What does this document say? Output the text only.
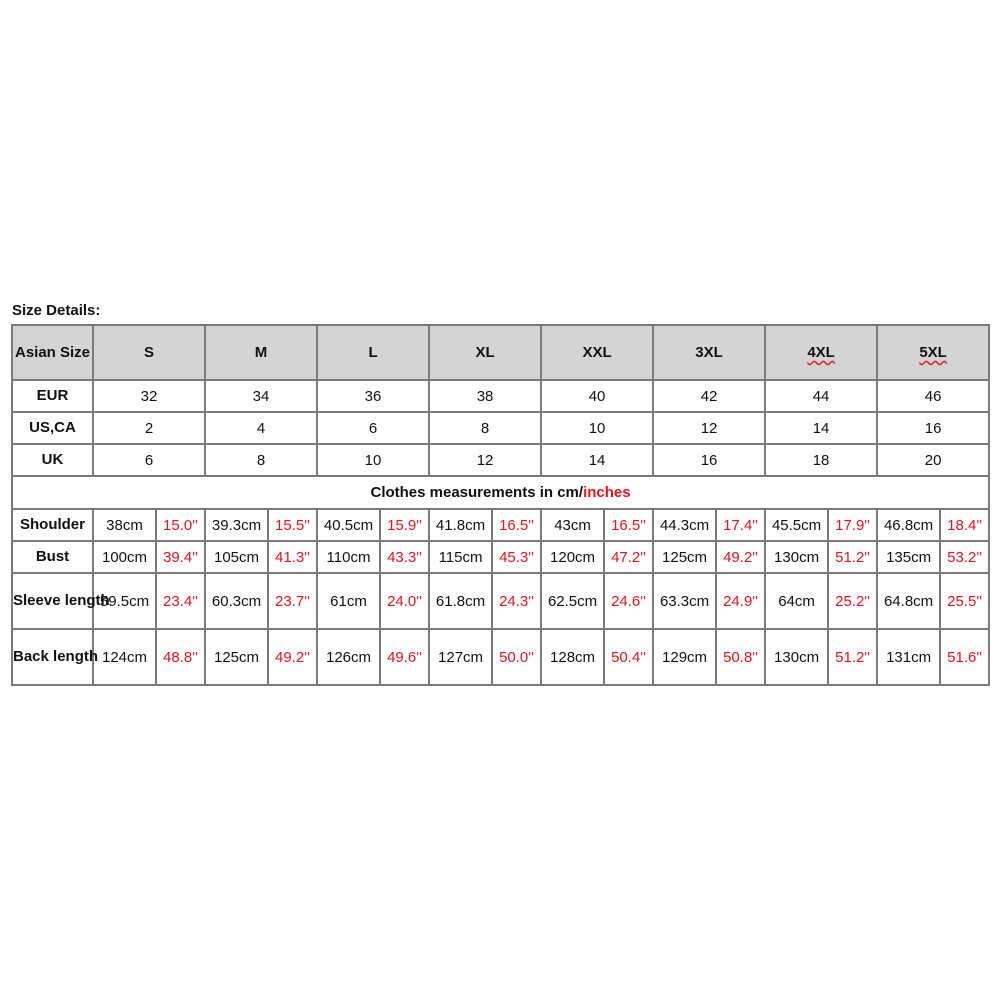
Size Details:
Asian Size	S		M		L		XL		XXL		3XL		4XL		5XL	
EUR	32		34		36		38		40		42		44		46	
US,CA	2		4		6		8		10		12		14		16	
UK	6		8		10		12		14		16		18		20	
Clothes measurements in cm/inches																
Shoulder	38cm	15.0''	39.3cm	15.5''	40.5cm	15.9''	41.8cm	16.5''	43cm	16.5''	44.3cm	17.4''	45.5cm	17.9''	46.8cm	18.4''
Bust	100cm	39.4''	105cm	41.3''	110cm	43.3''	115cm	45.3''	120cm	47.2''	125cm	49.2''	130cm	51.2''	135cm	53.2''
Sleeve length	59.5cm	23.4''	60.3cm	23.7''	61cm	24.0''	61.8cm	24.3''	62.5cm	24.6''	63.3cm	24.9''	64cm	25.2''	64.8cm	25.5''
Back length	124cm	48.8''	125cm	49.2''	126cm	49.6''	127cm	50.0''	128cm	50.4''	129cm	50.8''	130cm	51.2''	131cm	51.6''
